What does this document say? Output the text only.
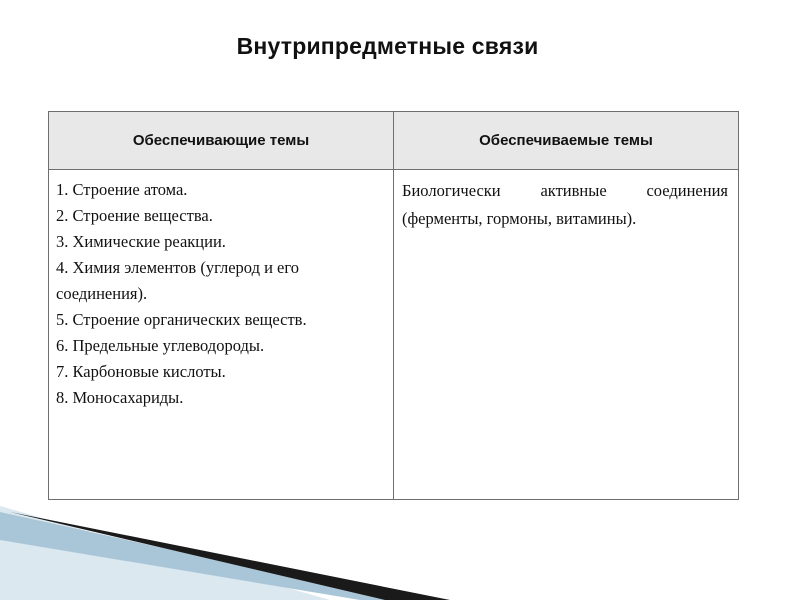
Внутрипредметные связи
Обеспечивающие темы	Обеспечиваемые темы
1. Строение атома.
2. Строение вещества.
3. Химические реакции.
4. Химия элементов (углерод и его соединения).
5. Строение органических веществ.
6. Предельные углеводороды.
7. Карбоновые кислоты.
8. Моносахариды.
Биологически активные соединения (ферменты, гормоны, витамины).
